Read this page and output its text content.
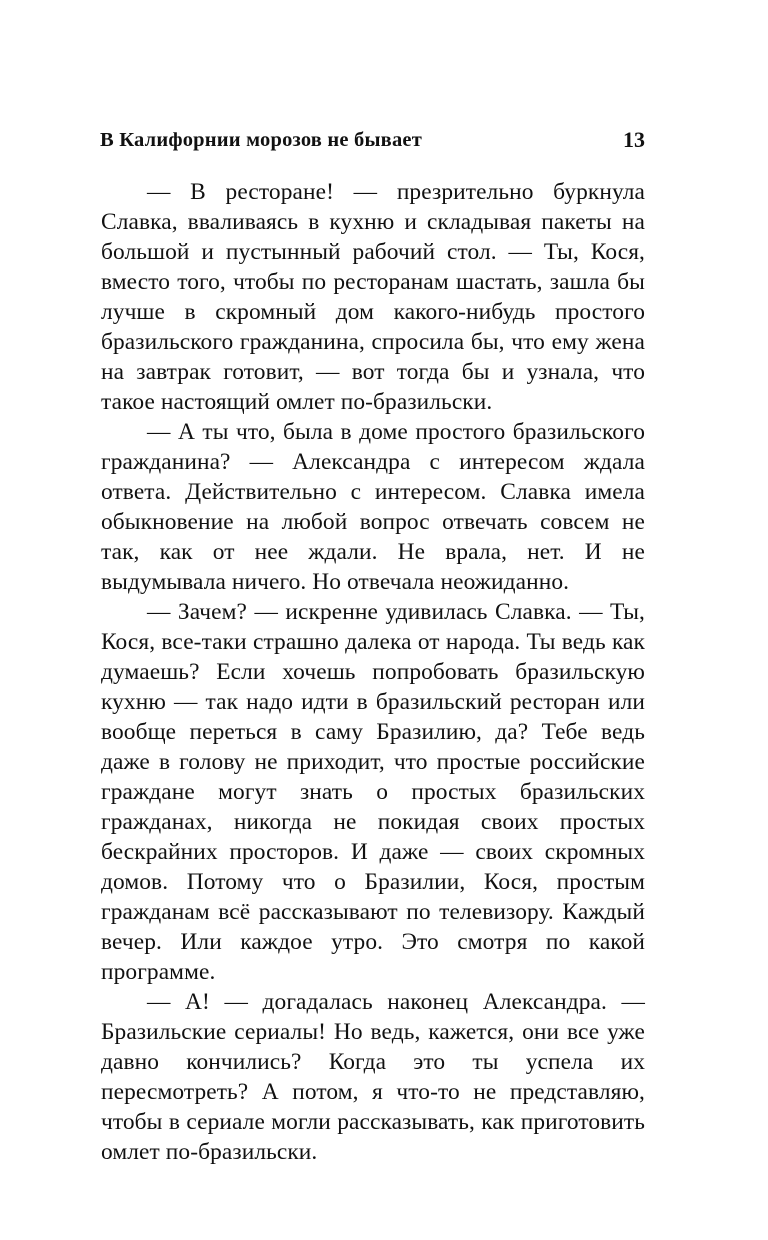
В Калифорнии морозов не бывает	13

— В ресторане! — презрительно буркнула Славка, вваливаясь в кухню и складывая пакеты на большой и пустынный рабочий стол. — Ты, Кося, вместо того, чтобы по ресторанам шастать, зашла бы лучше в скромный дом какого-нибудь простого бразильского гражданина, спросила бы, что ему жена на завтрак готовит, — вот тогда бы и узнала, что такое настоящий омлет по-бразильски.

— А ты что, была в доме простого бразильского гражданина? — Александра с интересом ждала ответа. Действительно с интересом. Славка имела обыкновение на любой вопрос отвечать совсем не так, как от нее ждали. Не врала, нет. И не выдумывала ничего. Но отвечала неожиданно.

— Зачем? — искренне удивилась Славка. — Ты, Кося, все-таки страшно далека от народа. Ты ведь как думаешь? Если хочешь попробовать бразильскую кухню — так надо идти в бразильский ресторан или вообще переться в саму Бразилию, да? Тебе ведь даже в голову не приходит, что простые российские граждане могут знать о простых бразильских гражданах, никогда не покидая своих простых бескрайних просторов. И даже — своих скромных домов. Потому что о Бразилии, Кося, простым гражданам всё рассказывают по телевизору. Каждый вечер. Или каждое утро. Это смотря по какой программе.

— А! — догадалась наконец Александра. — Бразильские сериалы! Но ведь, кажется, они все уже давно кончились? Когда это ты успела их пересмотреть? А потом, я что-то не представляю, чтобы в сериале могли рассказывать, как приготовить омлет по-бразильски.
